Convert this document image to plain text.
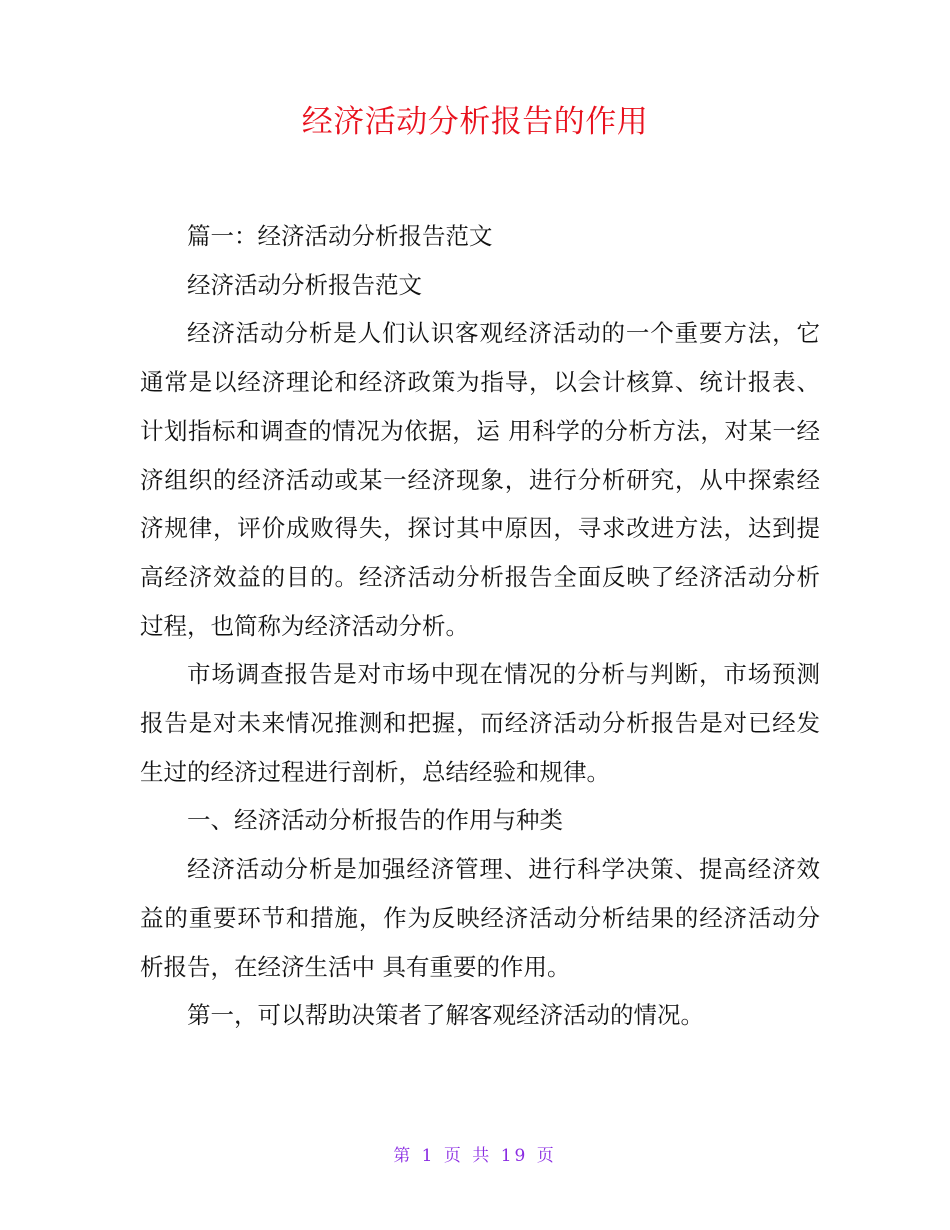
经济活动分析报告的作用

篇一：经济活动分析报告范文

经济活动分析报告范文

经济活动分析是人们认识客观经济活动的一个重要方法，它通常是以经济理论和经济政策为指导，以会计核算、统计报表、计划指标和调查的情况为依据，运 用科学的分析方法，对某一经济组织的经济活动或某一经济现象，进行分析研究，从中探索经济规律，评价成败得失，探讨其中原因，寻求改进方法，达到提高经济效益的目的。经济活动分析报告全面反映了经济活动分析过程，也简称为经济活动分析。

市场调查报告是对市场中现在情况的分析与判断，市场预测 报告是对未来情况推测和把握，而经济活动分析报告是对已经发生过的经济过程进行剖析，总结经验和规律。

一、经济活动分析报告的作用与种类

经济活动分析是加强经济管理、进行科学决策、提高经济效益的重要环节和措施，作为反映经济活动分析结果的经济活动分析报告，在经济生活中 具有重要的作用。

第一，可以帮助决策者了解客观经济活动的情况。

第 1 页 共 19 页
